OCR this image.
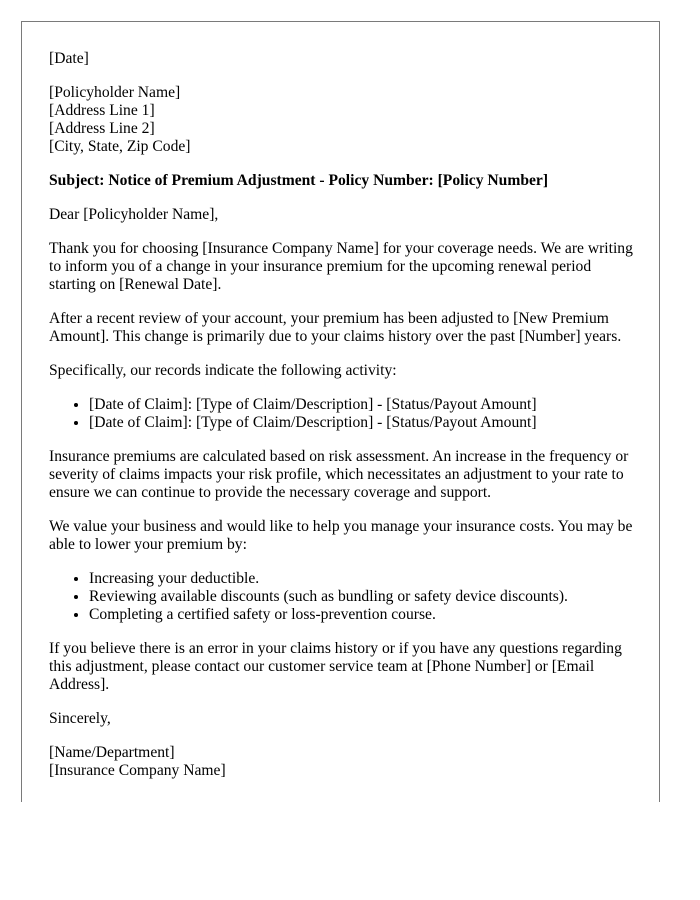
[Date]
[Policyholder Name]
[Address Line 1]
[Address Line 2]
[City, State, Zip Code]
Subject: Notice of Premium Adjustment - Policy Number: [Policy Number]

Dear [Policyholder Name],

Thank you for choosing [Insurance Company Name] for your coverage needs. We are writing to inform you of a change in your insurance premium for the upcoming renewal period starting on [Renewal Date].

After a recent review of your account, your premium has been adjusted to [New Premium Amount]. This change is primarily due to your claims history over the past [Number] years.

Specifically, our records indicate the following activity:

• [Date of Claim]: [Type of Claim/Description] - [Status/Payout Amount]
• [Date of Claim]: [Type of Claim/Description] - [Status/Payout Amount]

Insurance premiums are calculated based on risk assessment. An increase in the frequency or severity of claims impacts your risk profile, which necessitates an adjustment to your rate to ensure we can continue to provide the necessary coverage and support.

We value your business and would like to help you manage your insurance costs. You may be able to lower your premium by:

• Increasing your deductible.
• Reviewing available discounts (such as bundling or safety device discounts).
• Completing a certified safety or loss-prevention course.

If you believe there is an error in your claims history or if you have any questions regarding this adjustment, please contact our customer service team at [Phone Number] or [Email Address].

Sincerely,

[Name/Department]
[Insurance Company Name]
